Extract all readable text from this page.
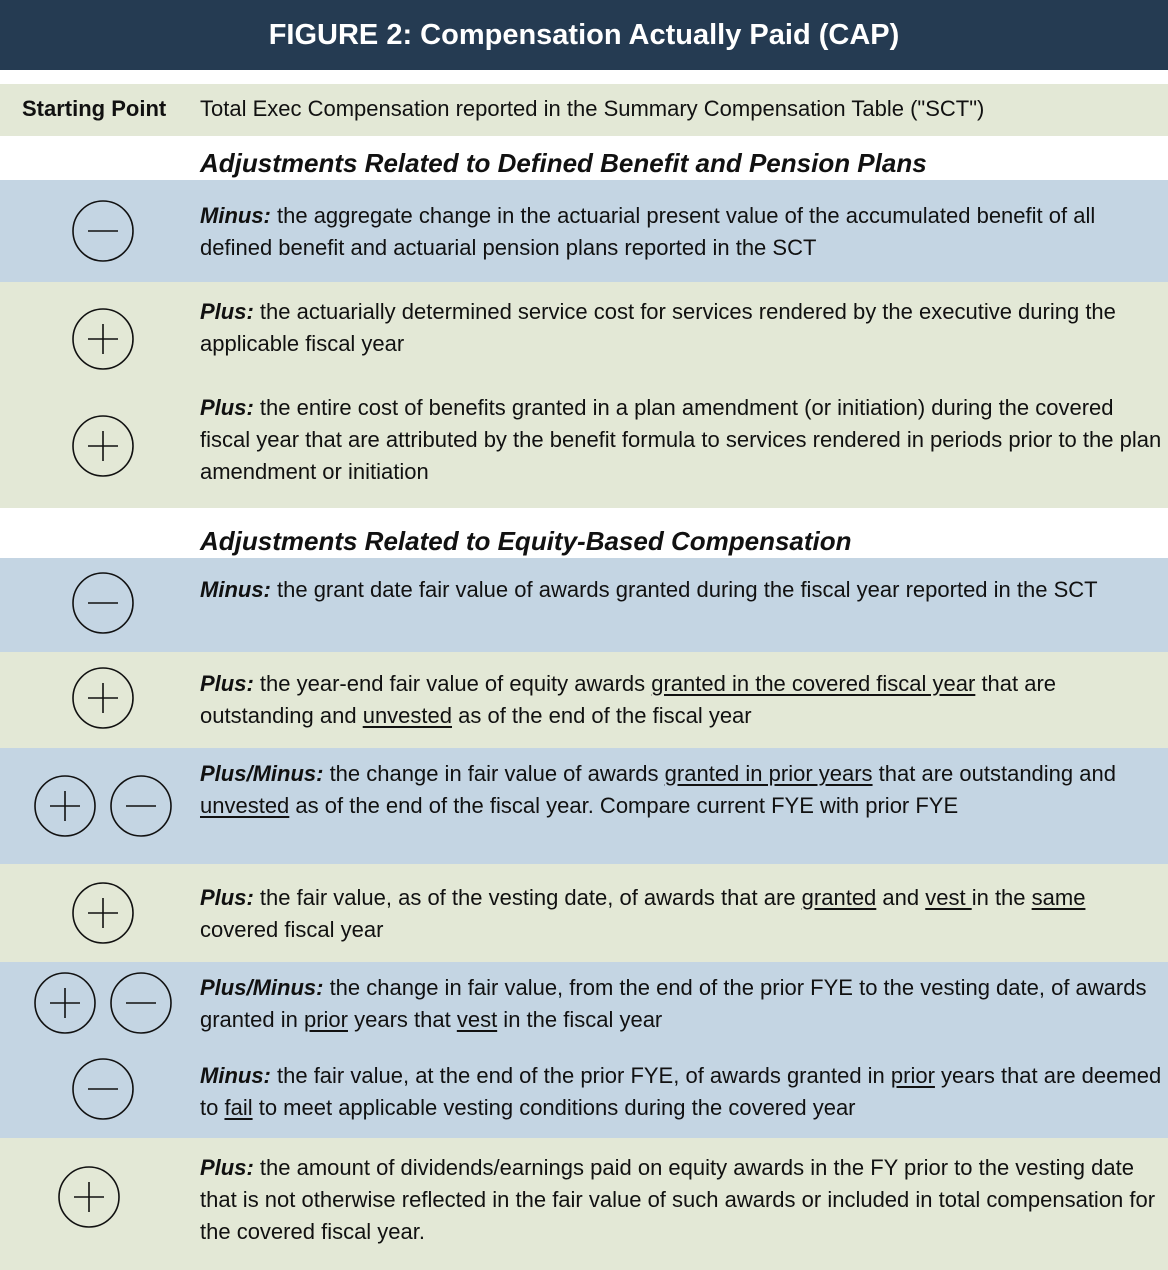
FIGURE 2: Compensation Actually Paid (CAP)
Starting Point Total Exec Compensation reported in the Summary Compensation Table ("SCT")
Adjustments Related to Defined Benefit and Pension Plans
Minus: the aggregate change in the actuarial present value of the accumulated benefit of all defined benefit and actuarial pension plans reported in the SCT
Plus: the actuarially determined service cost for services rendered by the executive during the applicable fiscal year
Plus: the entire cost of benefits granted in a plan amendment (or initiation) during the covered fiscal year that are attributed by the benefit formula to services rendered in periods prior to the plan amendment or initiation
Adjustments Related to Equity-Based Compensation
Minus: the grant date fair value of awards granted during the fiscal year reported in the SCT
Plus: the year-end fair value of equity awards granted in the covered fiscal year that are outstanding and unvested as of the end of the fiscal year
Plus/Minus: the change in fair value of awards granted in prior years that are outstanding and unvested as of the end of the fiscal year. Compare current FYE with prior FYE
Plus: the fair value, as of the vesting date, of awards that are granted and vest in the same covered fiscal year
Plus/Minus: the change in fair value, from the end of the prior FYE to the vesting date, of awards granted in prior years that vest in the fiscal year
Minus: the fair value, at the end of the prior FYE, of awards granted in prior years that are deemed to fail to meet applicable vesting conditions during the covered year
Plus: the amount of dividends/earnings paid on equity awards in the FY prior to the vesting date that is not otherwise reflected in the fair value of such awards or included in total compensation for the covered fiscal year.
